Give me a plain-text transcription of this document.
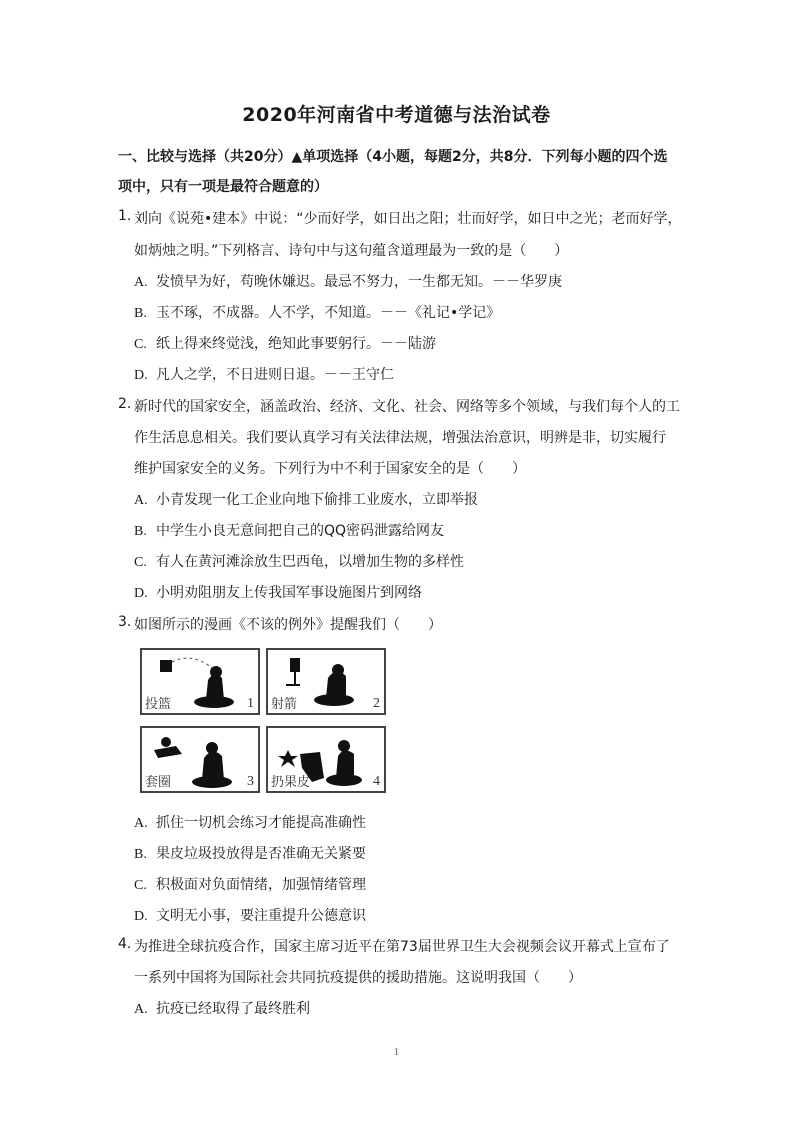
2020年河南省中考道德与法治试卷
一、比较与选择（共20分）▲单项选择（4小题，每题2分，共8分．下列每小题的四个选
项中，只有一项是最符合题意的）
1. 刘向《说苑•建本》中说：“少而好学，如日出之阳；壮而好学，如日中之光；老而好学，
如炳烛之明。”下列格言、诗句中与这句蕴含道理最为一致的是（　　）
A. 发愤早为好，苟晚休嫌迟。最忌不努力，一生都无知。－－华罗庚
B. 玉不琢，不成器。人不学，不知道。－－《礼记•学记》
C. 纸上得来终觉浅，绝知此事要躬行。－－陆游
D. 凡人之学，不日进则日退。－－王守仁
2. 新时代的国家安全，涵盖政治、经济、文化、社会、网络等多个领域，与我们每个人的工
作生活息息相关。我们要认真学习有关法律法规，增强法治意识，明辨是非，切实履行
维护国家安全的义务。下列行为中不利于国家安全的是（　　）
A. 小青发现一化工企业向地下偷排工业废水，立即举报
B. 中学生小良无意间把自己的QQ密码泄露给网友
C. 有人在黄河滩涂放生巴西龟，以增加生物的多样性
D. 小明劝阻朋友上传我国军事设施图片到网络
3. 如图所示的漫画《不该的例外》提醒我们（　　）
投篮	1 射箭	2
套圈	3 扔果皮	4
A. 抓住一切机会练习才能提高准确性
B. 果皮垃圾投放得是否准确无关紧要
C. 积极面对负面情绪，加强情绪管理
D. 文明无小事，要注重提升公德意识
4. 为推进全球抗疫合作，国家主席习近平在第73届世界卫生大会视频会议开幕式上宣布了
一系列中国将为国际社会共同抗疫提供的援助措施。这说明我国（　　）
A. 抗疫已经取得了最终胜利
1
